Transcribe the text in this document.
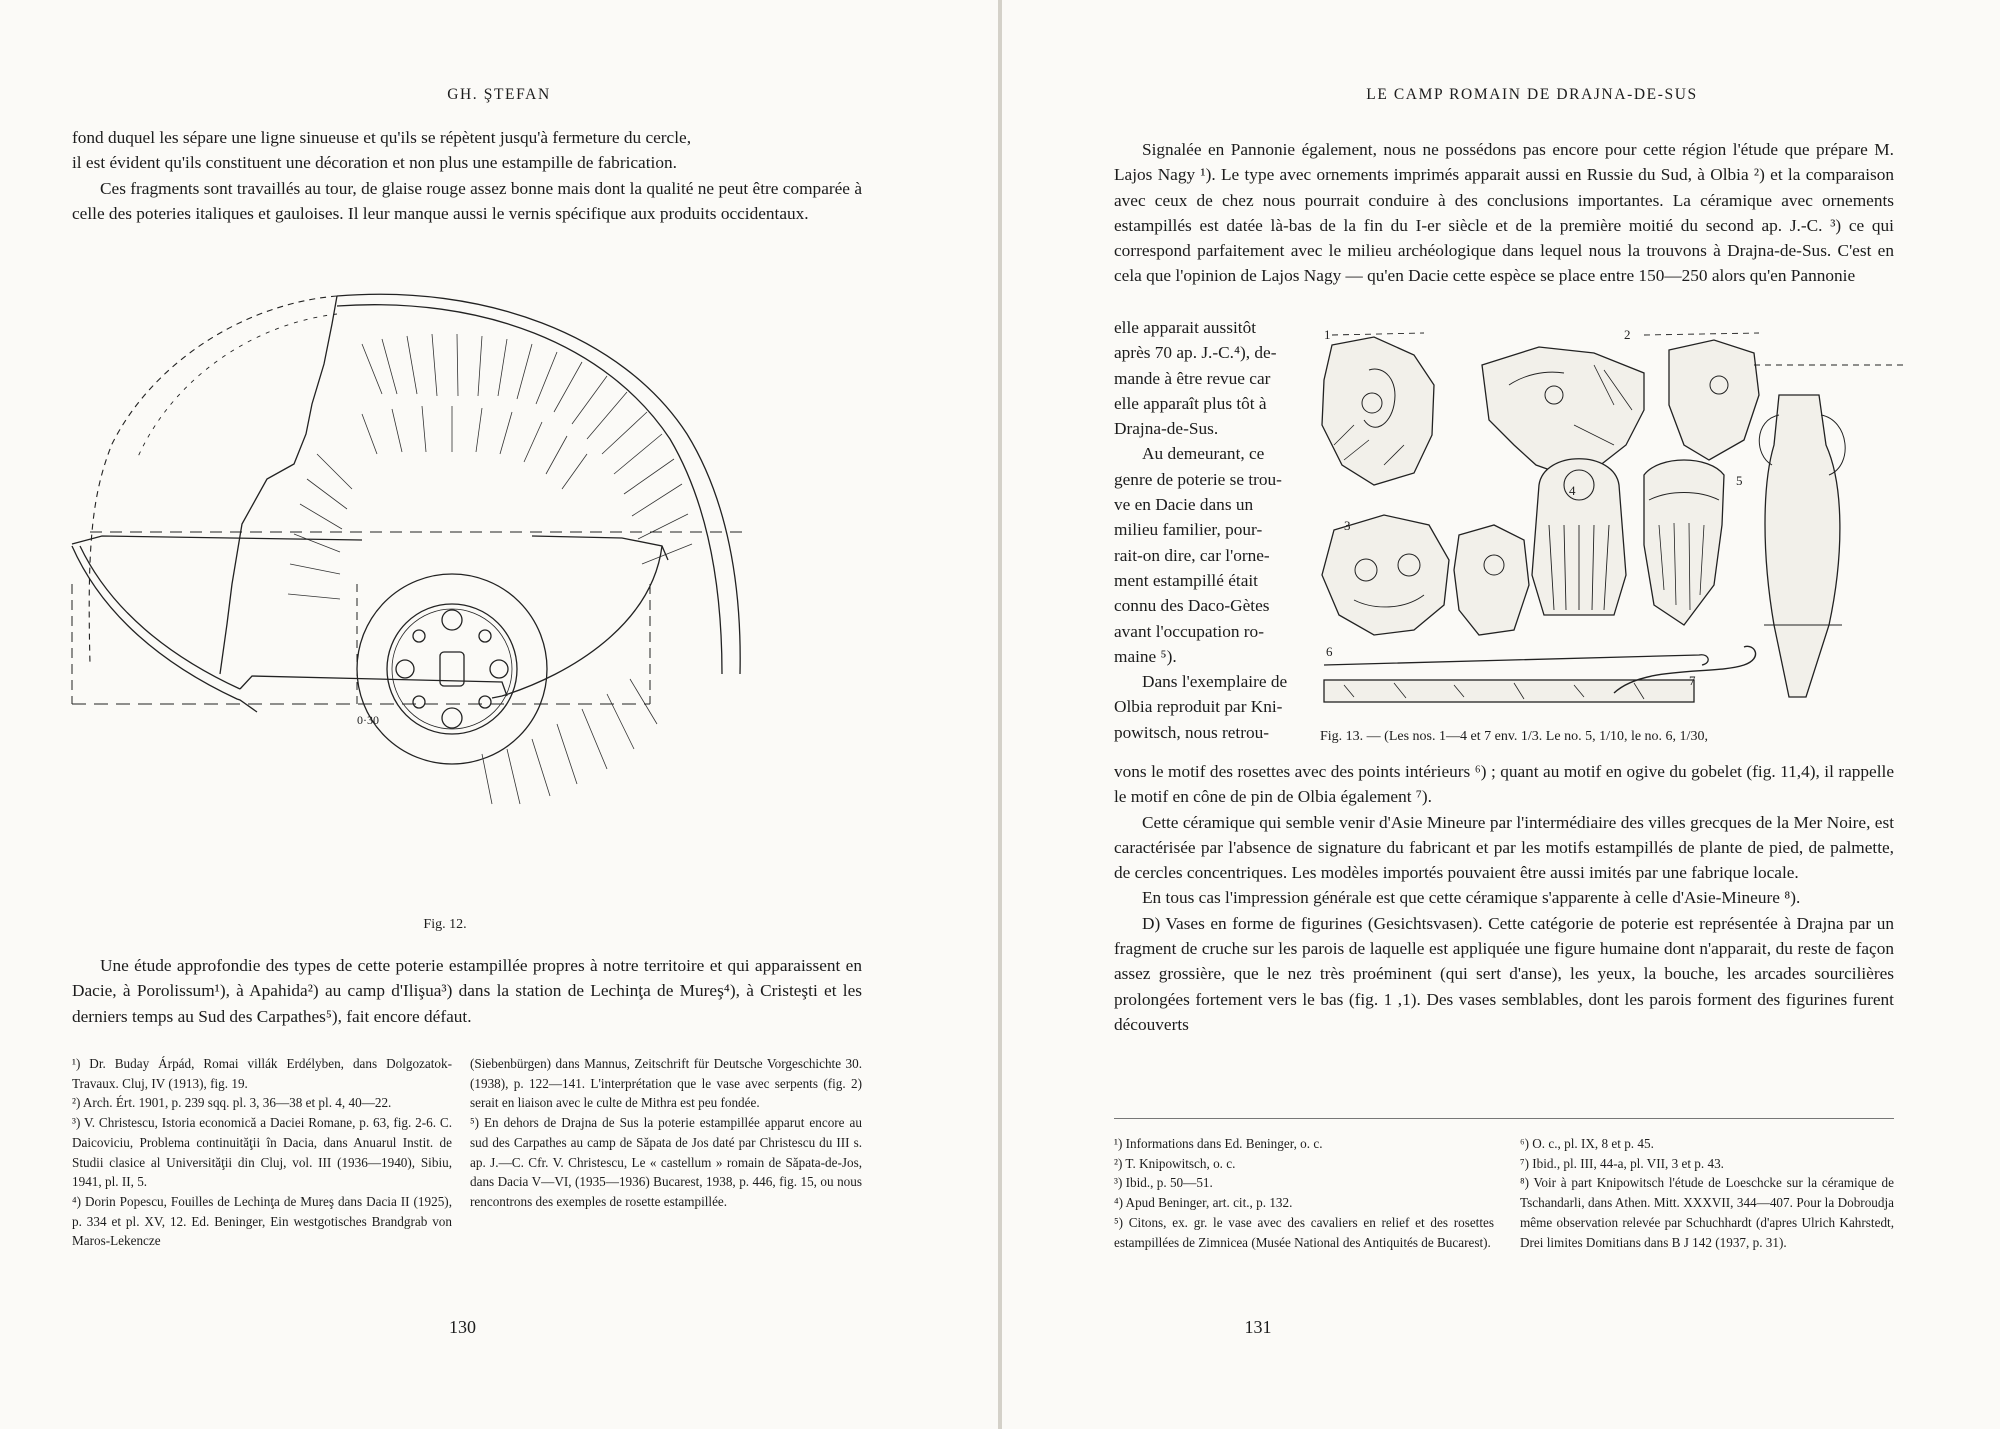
GH. ŞTEFAN

fond duquel les sépare une ligne sinueuse et qu'ils se répètent jusqu'à fermeture du cercle,

il est évident qu'ils constituent une décoration et non plus une estampille de fabrication.

Ces fragments sont travaillés au tour, de glaise rouge assez bonne mais dont la qualité ne peut être comparée à celle des poteries italiques et gauloises. Il leur manque aussi le vernis spécifique aux produits occidentaux.

0·30
Fig. 12.
Une étude approfondie des types de cette poterie estampillée propres à notre territoire et qui apparaissent en Dacie, à Porolissum¹), à Apahida²) au camp d'Ilişua³) dans la station de Lechinţa de Mureş⁴), à Cristeşti et les derniers temps au Sud des Carpathes⁵), fait encore défaut.

¹) Dr. Buday Árpád, Romai villák Erdélyben, dans Dolgozatok-Travaux. Cluj, IV (1913), fig. 19.

²) Arch. Ért. 1901, p. 239 sqq. pl. 3, 36—38 et pl. 4, 40—22.

³) V. Christescu, Istoria economică a Daciei Romane, p. 63, fig. 2-6. C. Daicoviciu, Problema continuităţii în Dacia, dans Anuarul Instit. de Studii clasice al Universităţii din Cluj, vol. III (1936—1940), Sibiu, 1941, pl. II, 5.

⁴) Dorin Popescu, Fouilles de Lechinţa de Mureş dans Dacia II (1925), p. 334 et pl. XV, 12. Ed. Beninger, Ein westgotisches Brandgrab von Maros-Lekencze

(Siebenbürgen) dans Mannus, Zeitschrift für Deutsche Vorgeschichte 30. (1938), p. 122—141. L'interprétation que le vase avec serpents (fig. 2) serait en liaison avec le culte de Mithra est peu fondée.

⁵) En dehors de Drajna de Sus la poterie estampillée apparut encore au sud des Carpathes au camp de Săpata de Jos daté par Christescu du III s. ap. J.—C. Cfr. V. Christescu, Le « castellum » romain de Săpata-de-Jos, dans Dacia V—VI, (1935—1936) Bucarest, 1938, p. 446, fig. 15, ou nous rencontrons des exemples de rosette estampillée.

130
LE CAMP ROMAIN DE DRAJNA-DE-SUS
Signalée en Pannonie également, nous ne possédons pas encore pour cette région l'étude que prépare M. Lajos Nagy ¹). Le type avec ornements imprimés apparait aussi en Russie du Sud, à Olbia ²) et la comparaison avec ceux de chez nous pourrait conduire à des conclusions importantes. La céramique avec ornements estampillés est datée là-bas de la fin du I-er siècle et de la première moitié du second ap. J.-C. ³) ce qui correspond parfaitement avec le milieu archéologique dans lequel nous la trouvons à Drajna-de-Sus. C'est en cela que l'opinion de Lajos Nagy — qu'en Dacie cette espèce se place entre 150—250 alors qu'en Pannonie

elle apparait aussitôt

après 70 ap. J.-C.⁴), de-

mande à être revue car

elle apparaît plus tôt à

Drajna-de-Sus.

Au demeurant, ce

genre de poterie se trou-

ve en Dacie dans un

milieu familier, pour-

rait-on dire, car l'orne-

ment estampillé était

connu des Daco-Gètes

avant l'occupation ro-

maine ⁵).

Dans l'exemplaire de

Olbia reproduit par Kni-

powitsch, nous retrou-

1	2
3
4
5
6
7
Fig. 13. — (Les nos. 1—4 et 7 env. 1/3. Le no. 5, 1/10, le no. 6, 1/30,

vons le motif des rosettes avec des points intérieurs ⁶) ; quant au motif en ogive du gobelet (fig. 11,4), il rappelle le motif en cône de pin de Olbia également ⁷).

Cette céramique qui semble venir d'Asie Mineure par l'intermédiaire des villes grecques de la Mer Noire, est caractérisée par l'absence de signature du fabricant et par les motifs estampillés de plante de pied, de palmette, de cercles concentriques. Les modèles importés pouvaient être aussi imités par une fabrique locale.

En tous cas l'impression générale est que cette céramique s'apparente à celle d'Asie-Mineure ⁸).

D) Vases en forme de figurines (Gesichtsvasen). Cette catégorie de poterie est représentée à Drajna par un fragment de cruche sur les parois de laquelle est appliquée une figure humaine dont n'apparait, du reste de façon assez grossière, que le nez très proéminent (qui sert d'anse), les yeux, la bouche, les arcades sourcilières prolongées fortement vers le bas (fig. 1 ,1). Des vases semblables, dont les parois forment des figurines furent découverts

¹) Informations dans Ed. Beninger, o. c.

²) T. Knipowitsch, o. c.

³) Ibid., p. 50—51.

⁴) Apud Beninger, art. cit., p. 132.

⁵) Citons, ex. gr. le vase avec des cavaliers en relief et des rosettes estampillées de Zimnicea (Musée National des Antiquités de Bucarest).

⁶) O. c., pl. IX, 8 et p. 45.

⁷) Ibid., pl. III, 44-a, pl. VII, 3 et p. 43.

⁸) Voir à part Knipowitsch l'étude de Loeschcke sur la céramique de Tschandarli, dans Athen. Mitt. XXXVII, 344—407. Pour la Dobroudja même observation relevée par Schuchhardt (d'apres Ulrich Kahrstedt, Drei limites Domitians dans B J 142 (1937, p. 31).

131
